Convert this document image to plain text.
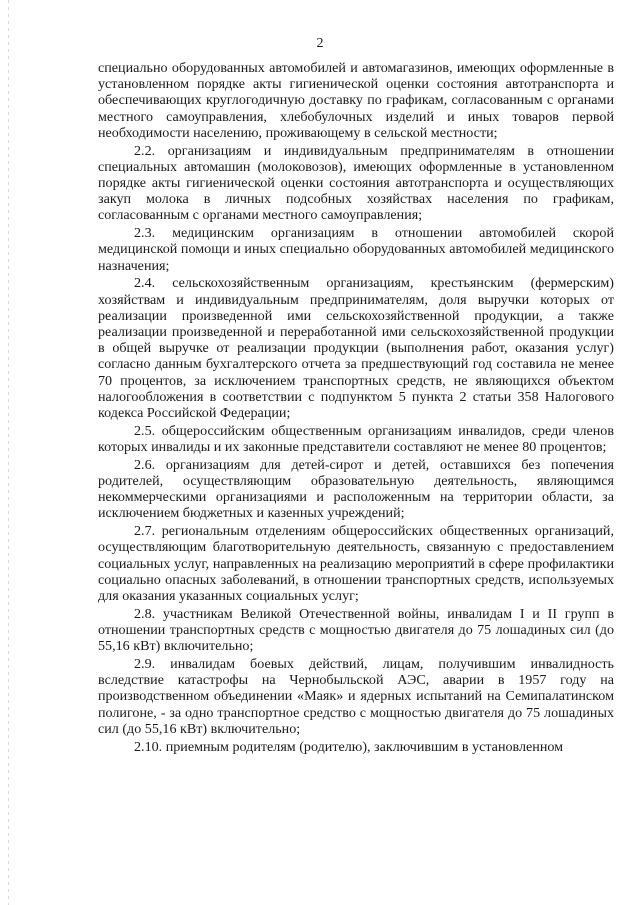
2

специально оборудованных автомобилей и автомагазинов, имеющих оформленные в установленном порядке акты гигиенической оценки состояния автотранспорта и обеспечивающих круглогодичную доставку по графикам, согласованным с органами местного самоуправления, хлебобулочных изделий и иных товаров первой необходимости населению, проживающему в сельской местности;

2.2. организациям и индивидуальным предпринимателям в отношении специальных автомашин (молоковозов), имеющих оформленные в установленном порядке акты гигиенической оценки состояния автотранспорта и осуществляющих закуп молока в личных подсобных хозяйствах населения по графикам, согласованным с органами местного самоуправления;

2.3. медицинским организациям в отношении автомобилей скорой медицинской помощи и иных специально оборудованных автомобилей медицинского назначения;

2.4. сельскохозяйственным организациям, крестьянским (фермерским) хозяйствам и индивидуальным предпринимателям, доля выручки которых от реализации произведенной ими сельскохозяйственной продукции, а также реализации произведенной и переработанной ими сельскохозяйственной продукции в общей выручке от реализации продукции (выполнения работ, оказания услуг) согласно данным бухгалтерского отчета за предшествующий год составила не менее 70 процентов, за исключением транспортных средств, не являющихся объектом налогообложения в соответствии с подпунктом 5 пункта 2 статьи 358 Налогового кодекса Российской Федерации;

2.5. общероссийским общественным организациям инвалидов, среди членов которых инвалиды и их законные представители составляют не менее 80 процентов;

2.6. организациям для детей-сирот и детей, оставшихся без попечения родителей, осуществляющим образовательную деятельность, являющимся некоммерческими организациями и расположенным на территории области, за исключением бюджетных и казенных учреждений;

2.7. региональным отделениям общероссийских общественных организаций, осуществляющим благотворительную деятельность, связанную с предоставлением социальных услуг, направленных на реализацию мероприятий в сфере профилактики социально опасных заболеваний, в отношении транспортных средств, используемых для оказания указанных социальных услуг;

2.8. участникам Великой Отечественной войны, инвалидам I и II групп в отношении транспортных средств с мощностью двигателя до 75 лошадиных сил (до 55,16 кВт) включительно;

2.9. инвалидам боевых действий, лицам, получившим инвалидность вследствие катастрофы на Чернобыльской АЭС, аварии в 1957 году на производственном объединении «Маяк» и ядерных испытаний на Семипалатинском полигоне, - за одно транспортное средство с мощностью двигателя до 75 лошадиных сил (до 55,16 кВт) включительно;

2.10. приемным родителям (родителю), заключившим в установленном
